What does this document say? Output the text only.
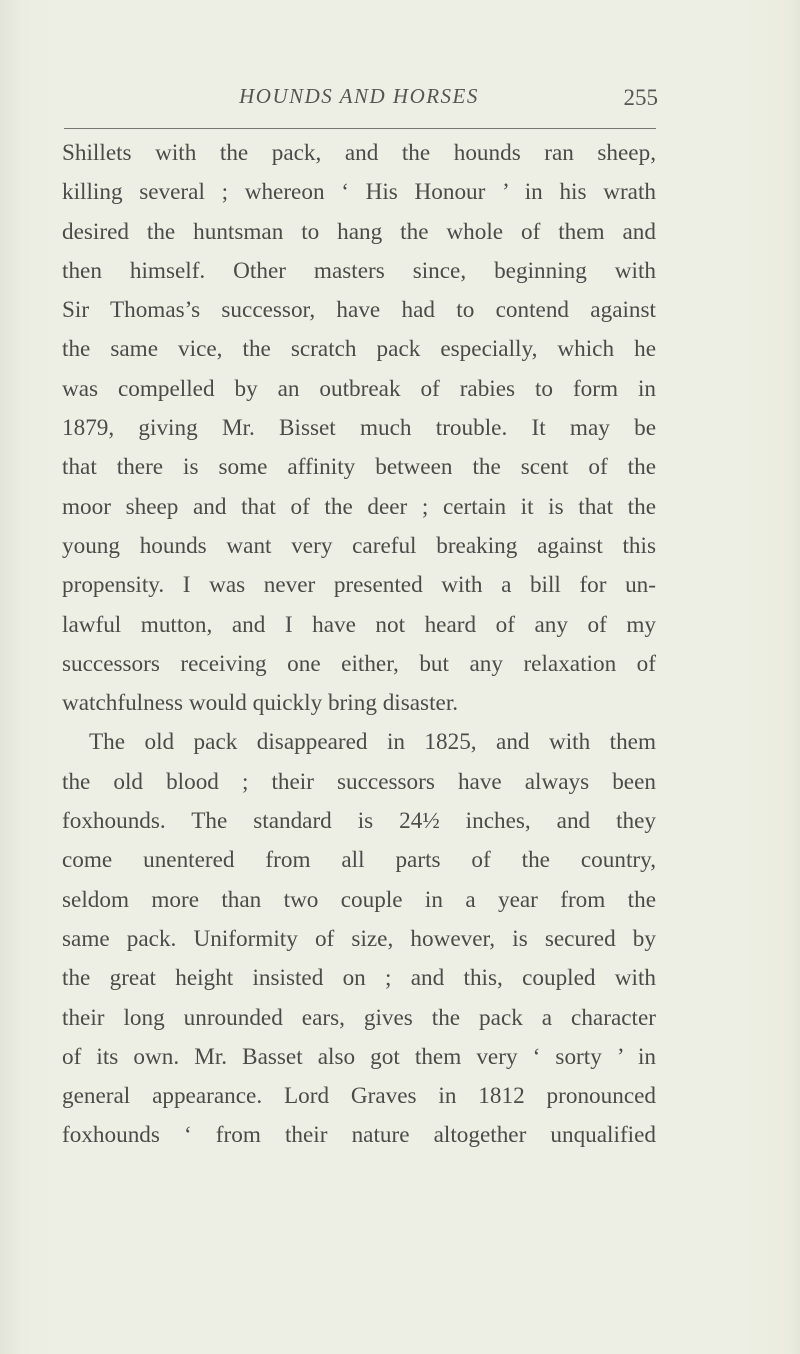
HOUNDS AND HORSES	255
Shillets with the pack, and the hounds ran sheep,
killing several ; whereon ‘ His Honour ’ in his wrath
desired the huntsman to hang the whole of them and
then himself. Other masters since, beginning with
Sir Thomas’s successor, have had to contend against
the same vice, the scratch pack especially, which he
was compelled by an outbreak of rabies to form in
1879, giving Mr. Bisset much trouble. It may be
that there is some affinity between the scent of the
moor sheep and that of the deer ; certain it is that the
young hounds want very careful breaking against this
propensity. I was never presented with a bill for un-
lawful mutton, and I have not heard of any of my
successors receiving one either, but any relaxation of
watchfulness would quickly bring disaster.
The old pack disappeared in 1825, and with them
the old blood ; their successors have always been
foxhounds. The standard is 24½ inches, and they
come unentered from all parts of the country,
seldom more than two couple in a year from the
same pack. Uniformity of size, however, is secured by
the great height insisted on ; and this, coupled with
their long unrounded ears, gives the pack a character
of its own. Mr. Basset also got them very ‘ sorty ’ in
general appearance. Lord Graves in 1812 pronounced
foxhounds ‘ from their nature altogether unqualified
